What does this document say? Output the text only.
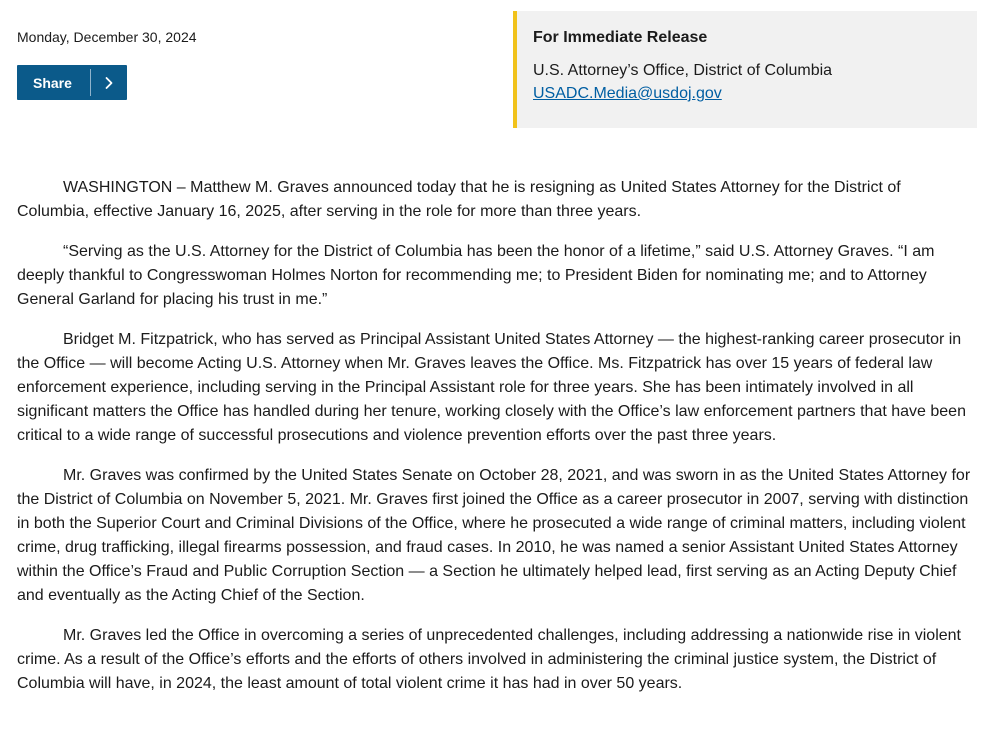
Monday, December 30, 2024
Share
For Immediate Release
U.S. Attorney’s Office, District of Columbia
USADC.Media@usdoj.gov

WASHINGTON – Matthew M. Graves announced today that he is resigning as United States Attorney for the District of Columbia, effective January 16, 2025, after serving in the role for more than three years.

“Serving as the U.S. Attorney for the District of Columbia has been the honor of a lifetime,” said U.S. Attorney Graves. “I am deeply thankful to Congresswoman Holmes Norton for recommending me; to President Biden for nominating me; and to Attorney General Garland for placing his trust in me.”

Bridget M. Fitzpatrick, who has served as Principal Assistant United States Attorney — the highest-ranking career prosecutor in the Office — will become Acting U.S. Attorney when Mr. Graves leaves the Office. Ms. Fitzpatrick has over 15 years of federal law enforcement experience, including serving in the Principal Assistant role for three years. She has been intimately involved in all significant matters the Office has handled during her tenure, working closely with the Office’s law enforcement partners that have been critical to a wide range of successful prosecutions and violence prevention efforts over the past three years.

Mr. Graves was confirmed by the United States Senate on October 28, 2021, and was sworn in as the United States Attorney for the District of Columbia on November 5, 2021. Mr. Graves first joined the Office as a career prosecutor in 2007, serving with distinction in both the Superior Court and Criminal Divisions of the Office, where he prosecuted a wide range of criminal matters, including violent crime, drug trafficking, illegal firearms possession, and fraud cases. In 2010, he was named a senior Assistant United States Attorney within the Office’s Fraud and Public Corruption Section — a Section he ultimately helped lead, first serving as an Acting Deputy Chief and eventually as the Acting Chief of the Section.

Mr. Graves led the Office in overcoming a series of unprecedented challenges, including addressing a nationwide rise in violent crime. As a result of the Office’s efforts and the efforts of others involved in administering the criminal justice system, the District of Columbia will have, in 2024, the least amount of total violent crime it has had in over 50 years.
